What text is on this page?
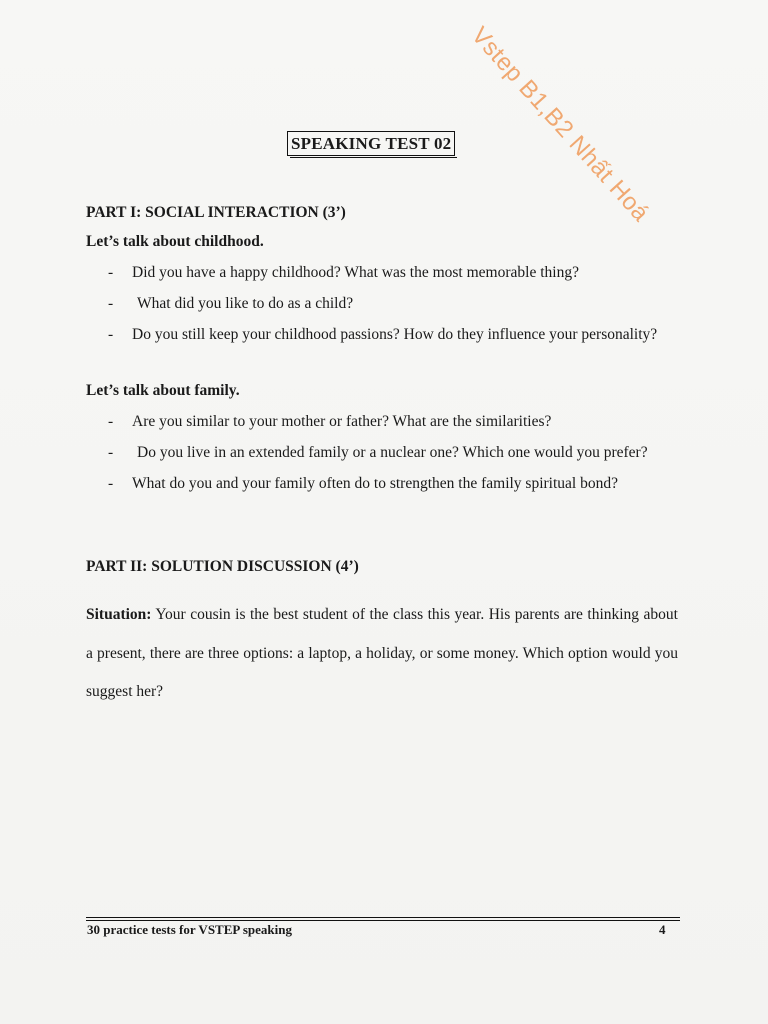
Vstep B1,B2 Nhất Hoá
SPEAKING TEST 02
PART I: SOCIAL INTERACTION (3’)
Let’s talk about childhood.
- Did you have a happy childhood? What was the most memorable thing?
- What did you like to do as a child?
- Do you still keep your childhood passions? How do they influence your personality?
Let’s talk about family.
- Are you similar to your mother or father? What are the similarities?
- Do you live in an extended family or a nuclear one? Which one would you prefer?
- What do you and your family often do to strengthen the family spiritual bond?
PART II: SOLUTION DISCUSSION (4’)
Situation: Your cousin is the best student of the class this year. His parents are thinking about a present, there are three options: a laptop, a holiday, or some money. Which option would you suggest her?
30 practice tests for VSTEP speaking	4
